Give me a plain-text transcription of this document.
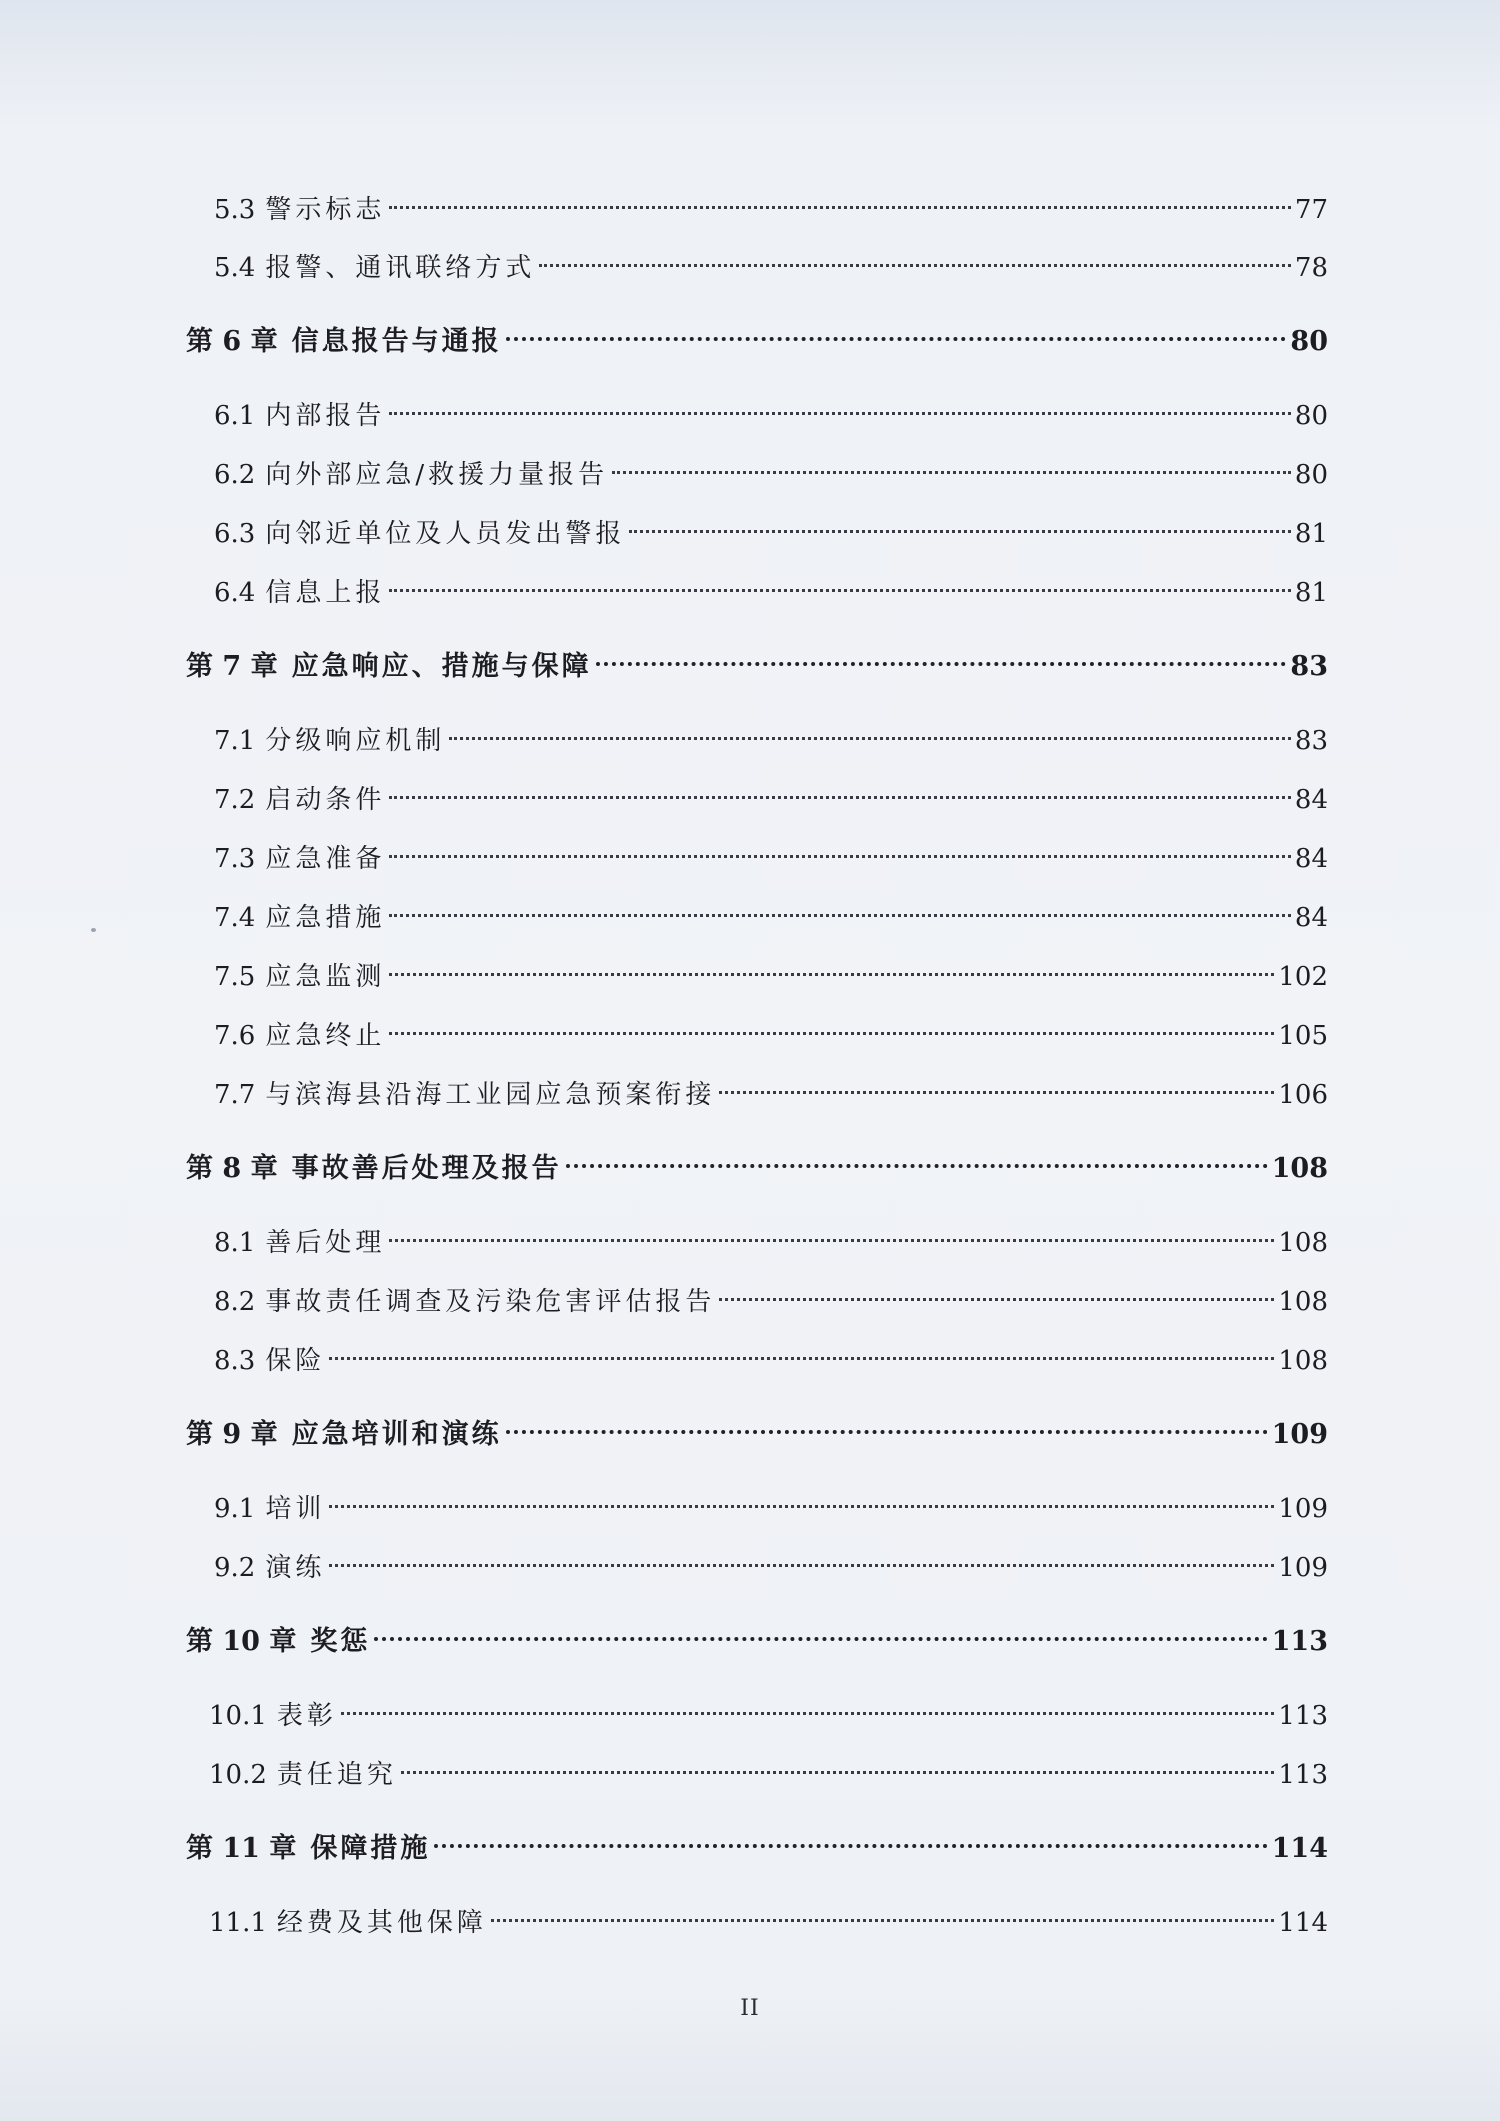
5.3 警示标志	77
5.4 报警、通讯联络方式	78
第 6 章 信息报告与通报	80
6.1 内部报告	80
6.2 向外部应急/救援力量报告	80
6.3 向邻近单位及人员发出警报	81
6.4 信息上报	81
第 7 章 应急响应、措施与保障	83
7.1 分级响应机制	83
7.2 启动条件	84
7.3 应急准备	84
7.4 应急措施	84
7.5 应急监测	102
7.6 应急终止	105
7.7 与滨海县沿海工业园应急预案衔接	106
第 8 章 事故善后处理及报告	108
8.1 善后处理	108
8.2 事故责任调查及污染危害评估报告	108
8.3 保险	108
第 9 章 应急培训和演练	109
9.1 培训	109
9.2 演练	109
第 10 章 奖惩	113
10.1 表彰	113
10.2 责任追究	113
第 11 章 保障措施	114
11.1 经费及其他保障	114
II
